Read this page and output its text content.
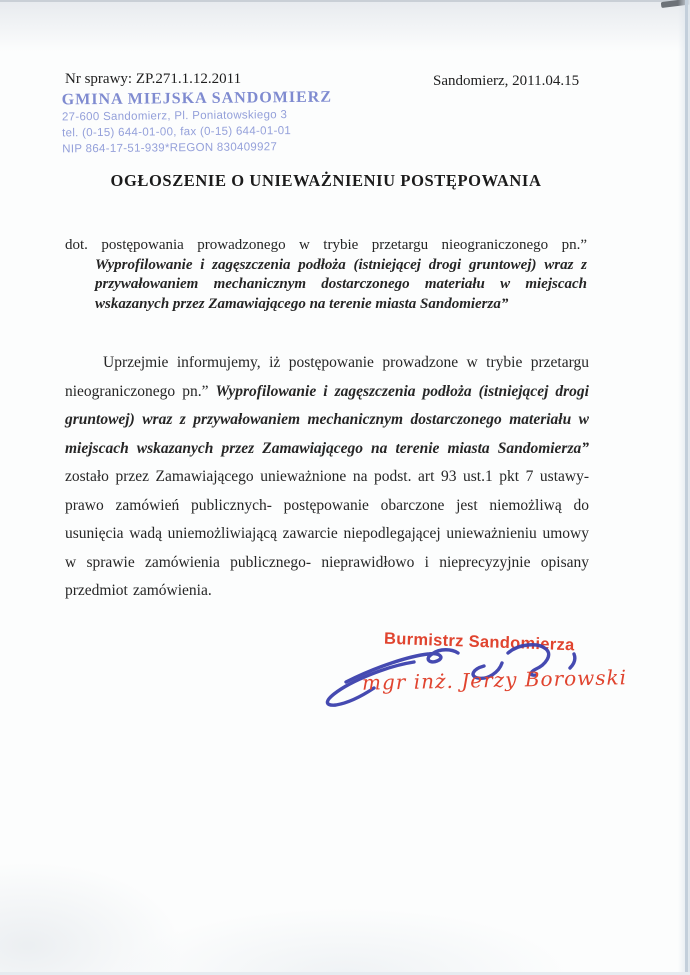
Nr sprawy: ZP.271.1.12.2011	Sandomierz, 2011.04.15
GMINA MIEJSKA SANDOMIERZ
27-600 Sandomierz, Pl. Poniatowskiego 3
tel. (0-15) 644-01-00, fax (0-15) 644-01-01
NIP 864-17-51-939*REGON 830409927
OGŁOSZENIE O UNIEWAŻNIENIU POSTĘPOWANIA
dot. postępowania prowadzonego w trybie przetargu nieograniczonego pn.” Wyprofilowanie i zagęszczenia podłoża (istniejącej drogi gruntowej) wraz z przywałowaniem mechanicznym dostarczonego materiału w miejscach wskazanych przez Zamawiającego na terenie miasta Sandomierza”
Uprzejmie informujemy, iż postępowanie prowadzone w trybie przetargu nieograniczonego pn.” Wyprofilowanie i zagęszczenia podłoża (istniejącej drogi gruntowej) wraz z przywałowaniem mechanicznym dostarczonego materiału w miejscach wskazanych przez Zamawiającego na terenie miasta Sandomierza” zostało przez Zamawiającego unieważnione na podst. art 93 ust.1 pkt 7 ustawy- prawo zamówień publicznych- postępowanie obarczone jest niemożliwą do usunięcia wadą uniemożliwiającą zawarcie niepodlegającej unieważnieniu umowy w sprawie zamówienia publicznego- nieprawidłowo i nieprecyzyjnie opisany przedmiot zamówienia.
Burmistrz Sandomierza
mgr inż. Jerzy Borowski
